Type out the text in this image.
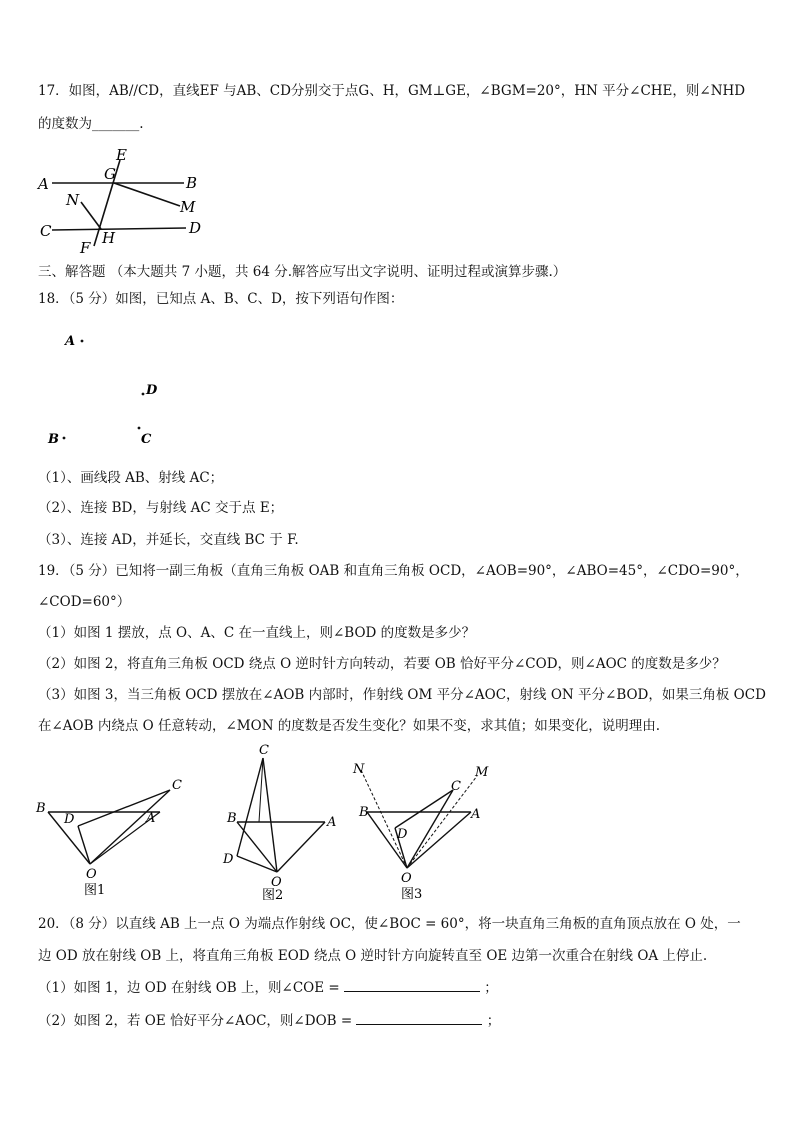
17．如图，AB//CD，直线EF 与AB、CD分别交于点G、H，GM⊥GE，∠BGM=20°，HN 平分∠CHE，则∠NHD
的度数为_______.
E
G
A	B
N	M
C	D
F
H
三、解答题 （本大题共 7 小题，共 64 分.解答应写出文字说明、证明过程或演算步骤.）
18．（5 分）如图，已知点 A、B、C、D，按下列语句作图：
A
D
B	C
（1）、画线段 AB、射线 AC；
（2）、连接 BD，与射线 AC 交于点 E；
（3）、连接 AD，并延长，交直线 BC 于 F.
19．（5 分）已知将一副三角板（直角三角板 OAB 和直角三角板 OCD，∠AOB=90°，∠ABO=45°，∠CDO=90°，
∠COD=60°）
（1）如图 1 摆放，点 O、A、C 在一直线上，则∠BOD 的度数是多少？
（2）如图 2，将直角三角板 OCD 绕点 O 逆时针方向转动，若要 OB 恰好平分∠COD，则∠AOC 的度数是多少？
（3）如图 3，当三角板 OCD 摆放在∠AOB 内部时，作射线 OM 平分∠AOC，射线 ON 平分∠BOD，如果三角板 OCD
在∠AOB 内绕点 O 任意转动，∠MON 的度数是否发生变化？如果不变，求其值；如果变化，说明理由.
B
C
D	A
O
图1
C
B	A
D
O
图2
N	M
B
C
A
D
O
图3
20．（8 分）以直线 AB 上一点 O 为端点作射线 OC，使∠BOC = 60°，将一块直角三角板的直角顶点放在 O 处，一
边 OD 放在射线 OB 上，将直角三角板 EOD 绕点 O 逆时针方向旋转直至 OE 边第一次重合在射线 OA 上停止.
（1）如图 1，边 OD 在射线 OB 上，则∠COE =	；
（2）如图 2，若 OE 恰好平分∠AOC，则∠DOB =	；
